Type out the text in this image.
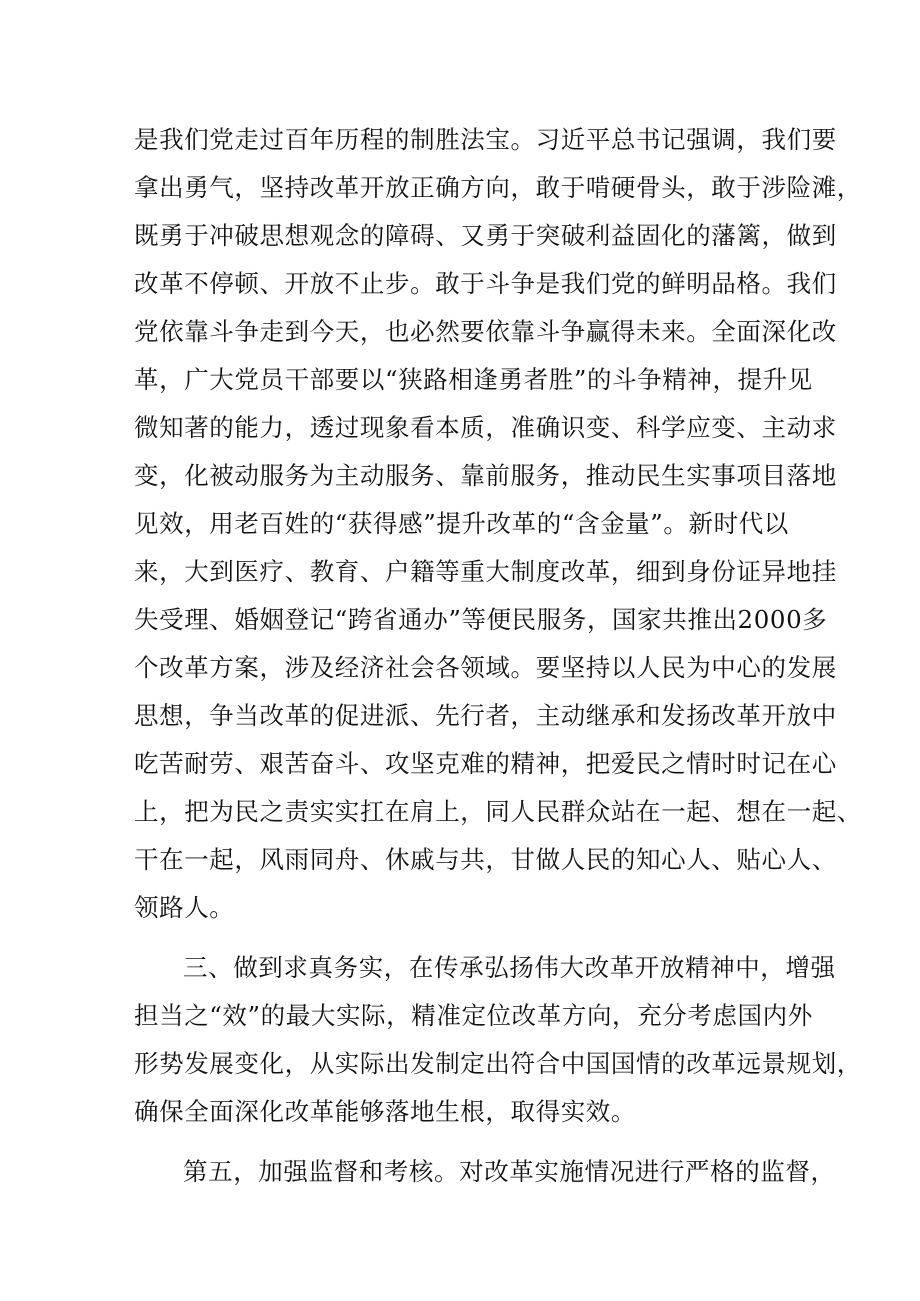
是我们党走过百年历程的制胜法宝。习近平总书记强调，我们要
拿出勇气，坚持改革开放正确方向，敢于啃硬骨头，敢于涉险滩，
既勇于冲破思想观念的障碍、又勇于突破利益固化的藩篱，做到
改革不停顿、开放不止步。敢于斗争是我们党的鲜明品格。我们
党依靠斗争走到今天，也必然要依靠斗争赢得未来。全面深化改
革，广大党员干部要以“狭路相逢勇者胜”的斗争精神，提升见
微知著的能力，透过现象看本质，准确识变、科学应变、主动求
变，化被动服务为主动服务、靠前服务，推动民生实事项目落地
见效，用老百姓的“获得感”提升改革的“含金量”。新时代以
来，大到医疗、教育、户籍等重大制度改革，细到身份证异地挂
失受理、婚姻登记“跨省通办”等便民服务，国家共推出2000多
个改革方案，涉及经济社会各领域。要坚持以人民为中心的发展
思想，争当改革的促进派、先行者，主动继承和发扬改革开放中
吃苦耐劳、艰苦奋斗、攻坚克难的精神，把爱民之情时时记在心
上，把为民之责实实扛在肩上，同人民群众站在一起、想在一起、
干在一起，风雨同舟、休戚与共，甘做人民的知心人、贴心人、
领路人。
三、做到求真务实，在传承弘扬伟大改革开放精神中，增强
担当之“效”的最大实际，精准定位改革方向，充分考虑国内外
形势发展变化，从实际出发制定出符合中国国情的改革远景规划，
确保全面深化改革能够落地生根，取得实效。
第五，加强监督和考核。对改革实施情况进行严格的监督，
